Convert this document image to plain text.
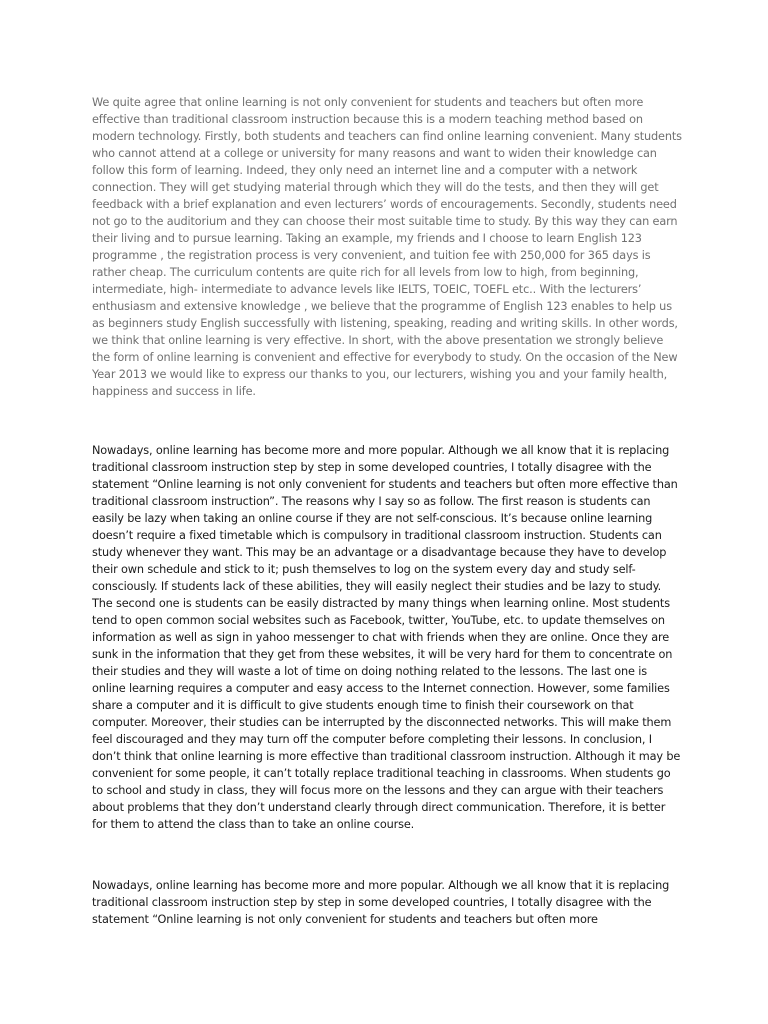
We quite agree that online learning is not only convenient for students and teachers but often more effective than traditional classroom instruction because this is a modern teaching method based on modern technology. Firstly, both students and teachers can find online learning convenient. Many students who cannot attend at a college or university for many reasons and want to widen their knowledge can follow this form of learning. Indeed, they only need an internet line and a computer with a network connection. They will get studying material through which they will do the tests, and then they will get feedback with a brief explanation and even lecturers’ words of encouragements. Secondly, students need not go to the auditorium and they can choose their most suitable time to study. By this way they can earn their living and to pursue learning. Taking an example, my friends and I choose to learn English 123 programme , the registration process is very convenient, and tuition fee with 250,000 for 365 days is rather cheap. The curriculum contents are quite rich for all levels from low to high, from beginning, intermediate, high- intermediate to advance levels like IELTS, TOEIC, TOEFL etc.. With the lecturers’ enthusiasm and extensive knowledge , we believe that the programme of English 123 enables to help us as beginners study English successfully with listening, speaking, reading and writing skills. In other words, we think that online learning is very effective. In short, with the above presentation we strongly believe the form of online learning is convenient and effective for everybody to study. On the occasion of the New Year 2013 we would like to express our thanks to you, our lecturers, wishing you and your family health, happiness and success in life.

Nowadays, online learning has become more and more popular. Although we all know that it is replacing traditional classroom instruction step by step in some developed countries, I totally disagree with the statement “Online learning is not only convenient for students and teachers but often more effective than traditional classroom instruction”. The reasons why I say so as follow. The first reason is students can easily be lazy when taking an online course if they are not self-conscious. It’s because online learning doesn’t require a fixed timetable which is compulsory in traditional classroom instruction. Students can study whenever they want. This may be an advantage or a disadvantage because they have to develop their own schedule and stick to it; push themselves to log on the system every day and study self-consciously. If students lack of these abilities, they will easily neglect their studies and be lazy to study. The second one is students can be easily distracted by many things when learning online. Most students tend to open common social websites such as Facebook, twitter, YouTube, etc. to update themselves on information as well as sign in yahoo messenger to chat with friends when they are online. Once they are sunk in the information that they get from these websites, it will be very hard for them to concentrate on their studies and they will waste a lot of time on doing nothing related to the lessons. The last one is online learning requires a computer and easy access to the Internet connection. However, some families share a computer and it is difficult to give students enough time to finish their coursework on that computer. Moreover, their studies can be interrupted by the disconnected networks. This will make them feel discouraged and they may turn off the computer before completing their lessons. In conclusion, I don’t think that online learning is more effective than traditional classroom instruction. Although it may be convenient for some people, it can’t totally replace traditional teaching in classrooms. When students go to school and study in class, they will focus more on the lessons and they can argue with their teachers about problems that they don’t understand clearly through direct communication. Therefore, it is better for them to attend the class than to take an online course.

Nowadays, online learning has become more and more popular. Although we all know that it is replacing traditional classroom instruction step by step in some developed countries, I totally disagree with the statement “Online learning is not only convenient for students and teachers but often more
